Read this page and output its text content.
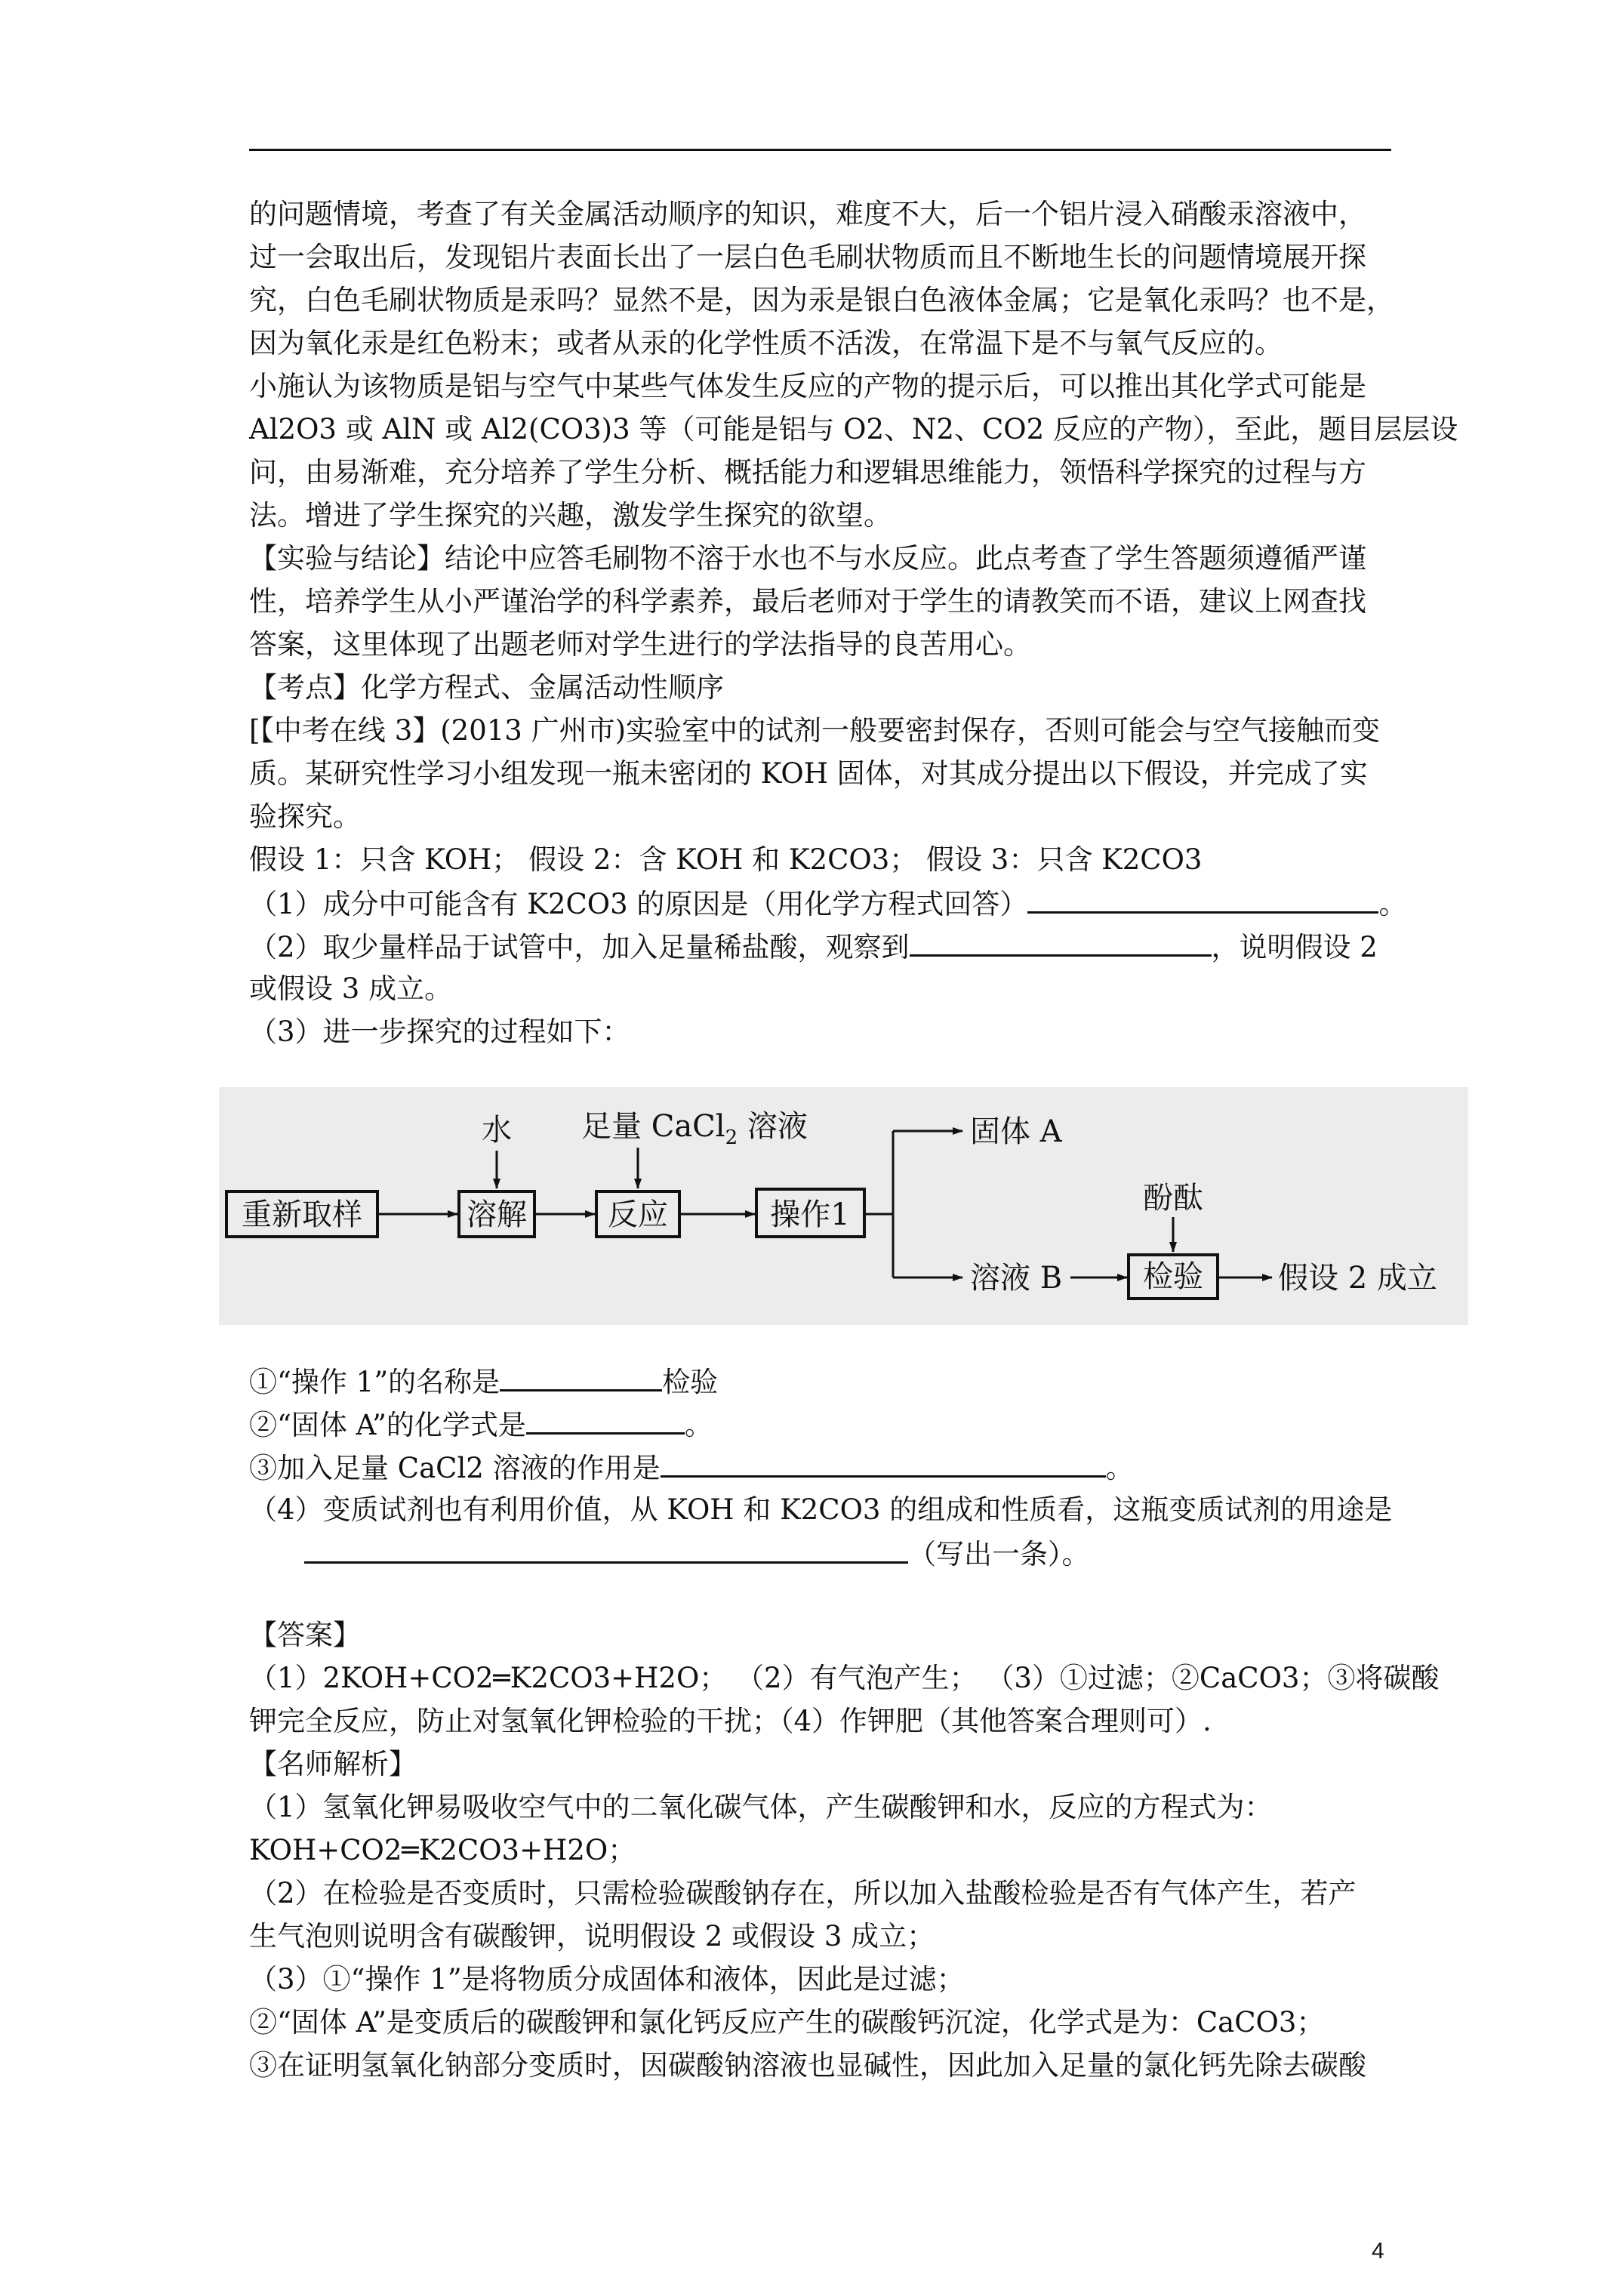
的问题情境，考查了有关金属活动顺序的知识，难度不大，后一个铝片浸入硝酸汞溶液中，
过一会取出后，发现铝片表面长出了一层白色毛刷状物质而且不断地生长的问题情境展开探
究，白色毛刷状物质是汞吗？显然不是，因为汞是银白色液体金属；它是氧化汞吗？也不是，
因为氧化汞是红色粉末；或者从汞的化学性质不活泼，在常温下是不与氧气反应的。
小施认为该物质是铝与空气中某些气体发生反应的产物的提示后，可以推出其化学式可能是
Al2O3 或 AlN 或 Al2(CO3)3 等（可能是铝与 O2、N2、CO2 反应的产物），至此，题目层层设
问，由易渐难，充分培养了学生分析、概括能力和逻辑思维能力，领悟科学探究的过程与方
法。增进了学生探究的兴趣，激发学生探究的欲望。
【实验与结论】结论中应答毛刷物不溶于水也不与水反应。此点考查了学生答题须遵循严谨
性，培养学生从小严谨治学的科学素养，最后老师对于学生的请教笑而不语，建议上网查找
答案，这里体现了出题老师对学生进行的学法指导的良苦用心。
【考点】化学方程式、金属活动性顺序
[【中考在线 3】(2013 广州市)实验室中的试剂一般要密封保存，否则可能会与空气接触而变
质。某研究性学习小组发现一瓶未密闭的 KOH 固体，对其成分提出以下假设，并完成了实
验探究。
假设 1：只含 KOH； 假设 2：含 KOH 和 K2CO3； 假设 3：只含 K2CO3
（1）成分中可能含有 K2CO3 的原因是（用化学方程式回答）	。
（2）取少量样品于试管中，加入足量稀盐酸，观察到	，说明假设 2
或假设 3 成立。
（3）进一步探究的过程如下：
重新取样	溶解	反应	操作1
检验
固体 A
溶液 B	假设 2 成立
水 足量 CaCl$_2$ 溶液
酚酞
①“操作 1”的名称是	检验
②“固体 A”的化学式是	。
③加入足量 CaCl2 溶液的作用是	。
（4）变质试剂也有利用价值，从 KOH 和 K2CO3 的组成和性质看，这瓶变质试剂的用途是
（写出一条）。
【答案】
（1）2KOH+CO2═K2CO3+H2O； （2）有气泡产生； （3）①过滤；②CaCO3；③将碳酸
钾完全反应，防止对氢氧化钾检验的干扰；（4）作钾肥（其他答案合理则可）.
【名师解析】
（1）氢氧化钾易吸收空气中的二氧化碳气体，产生碳酸钾和水，反应的方程式为：
KOH+CO2═K2CO3+H2O；
（2）在检验是否变质时，只需检验碳酸钠存在，所以加入盐酸检验是否有气体产生，若产
生气泡则说明含有碳酸钾，说明假设 2 或假设 3 成立；
（3）①“操作 1”是将物质分成固体和液体，因此是过滤；
②“固体 A”是变质后的碳酸钾和氯化钙反应产生的碳酸钙沉淀，化学式是为：CaCO3；
③在证明氢氧化钠部分变质时，因碳酸钠溶液也显碱性，因此加入足量的氯化钙先除去碳酸
4
